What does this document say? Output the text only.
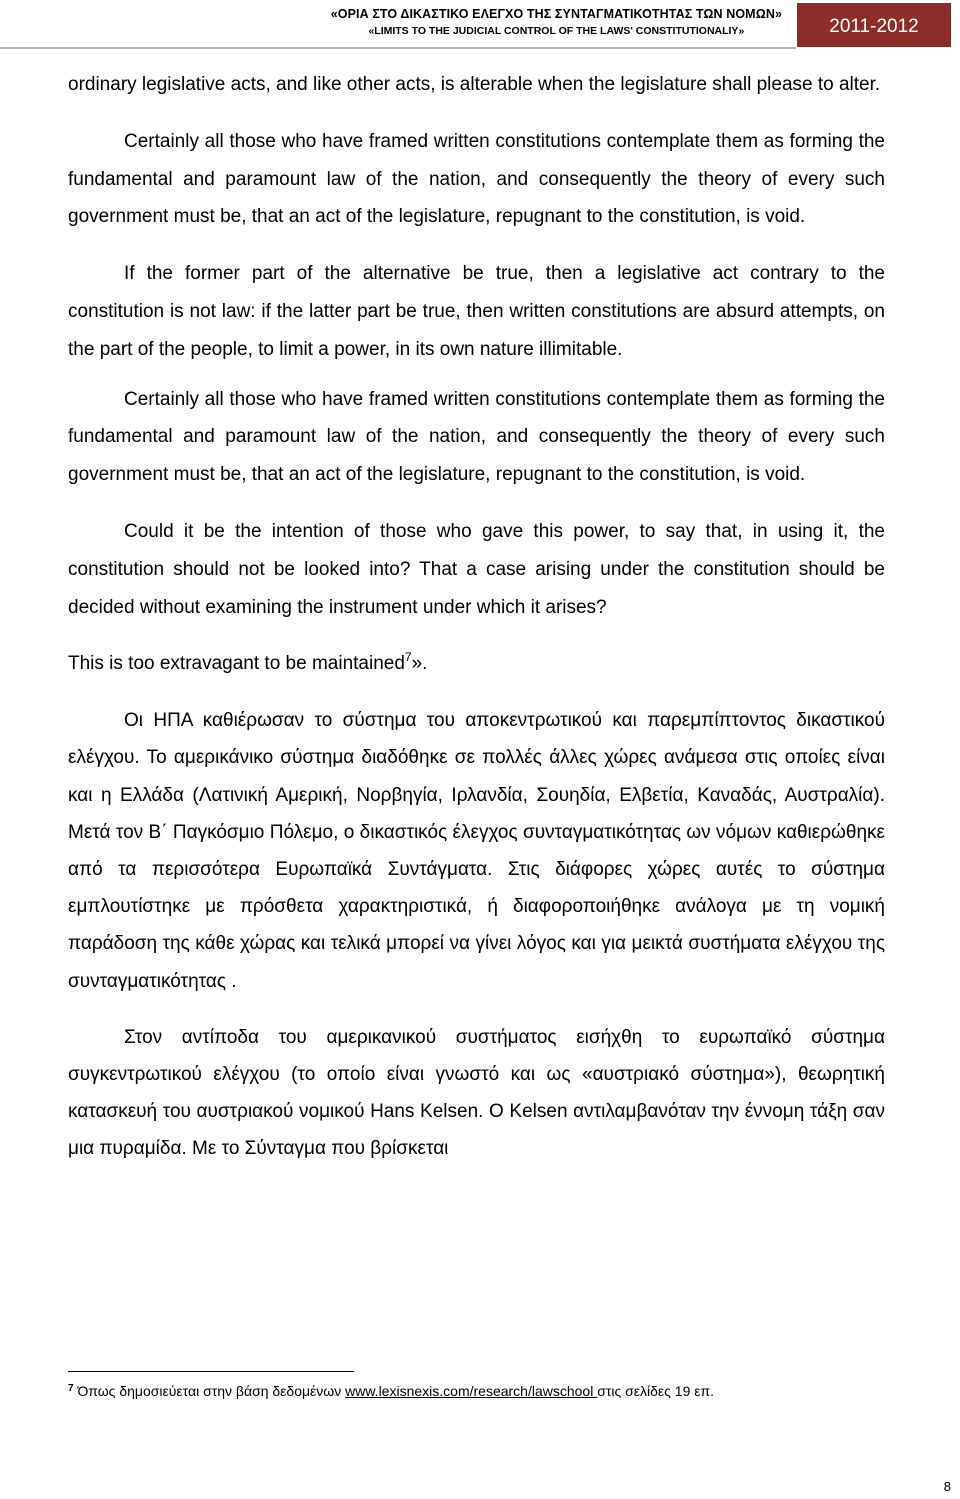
«ΟΡΙΑ ΣΤΟ ΔΙΚΑΣΤΙΚΟ ΕΛΕΓΧΟ ΤΗΣ ΣΥΝΤΑΓΜΑΤΙΚΟΤΗΤΑΣ ΤΩΝ ΝΟΜΩΝ»
«LIMITS TO THE JUDICIAL CONTROL OF THE LAWS' CONSTITUTIONALIY»	2011-2012

ordinary legislative acts, and like other acts, is alterable when the legislature shall please to alter.

Certainly all those who have framed written constitutions contemplate them as forming the fundamental and paramount law of the nation, and consequently the theory of every such government must be, that an act of the legislature, repugnant to the constitution, is void.

If the former part of the alternative be true, then a legislative act contrary to the constitution is not law: if the latter part be true, then written constitutions are absurd attempts, on the part of the people, to limit a power, in its own nature illimitable.

Certainly all those who have framed written constitutions contemplate them as forming the fundamental and paramount law of the nation, and consequently the theory of every such government must be, that an act of the legislature, repugnant to the constitution, is void.

Could it be the intention of those who gave this power, to say that, in using it, the constitution should not be looked into? That a case arising under the constitution should be decided without examining the instrument under which it arises?

This is too extravagant to be maintained$^7$».

Οι ΗΠΑ καθιέρωσαν το σύστημα του αποκεντρωτικού και παρεμπίπτοντος δικαστικού ελέγχου. Το αμερικάνικο σύστημα διαδόθηκε σε πολλές άλλες χώρες ανάμεσα στις οποίες είναι και η Ελλάδα (Λατινική Αμερική, Νορβηγία, Ιρλανδία, Σουηδία, Ελβετία, Καναδάς, Αυστραλία). Μετά τον Β΄ Παγκόσμιο Πόλεμο, ο δικαστικός έλεγχος συνταγματικότητας ων νόμων καθιερώθηκε από τα περισσότερα Ευρωπαϊκά Συντάγματα. Στις διάφορες χώρες αυτές το σύστημα εμπλουτίστηκε με πρόσθετα χαρακτηριστικά, ή διαφοροποιήθηκε ανάλογα με τη νομική παράδοση της κάθε χώρας και τελικά μπορεί να γίνει λόγος και για μεικτά συστήματα ελέγχου της συνταγματικότητας .

Στον αντίποδα του αμερικανικού συστήματος εισήχθη το ευρωπαϊκό σύστημα συγκεντρωτικού ελέγχου (το οποίο είναι γνωστό και ως «αυστριακό σύστημα»), θεωρητική κατασκευή του αυστριακού νομικού Hans Kelsen. Ο Kelsen αντιλαμβανόταν την έννομη τάξη σαν μια πυραμίδα. Με το Σύνταγμα που βρίσκεται

$^7$ Όπως δημοσιεύεται στην βάση δεδομένων www.lexisnexis.com/research/lawschool στις σελίδες 19 επ.
8
